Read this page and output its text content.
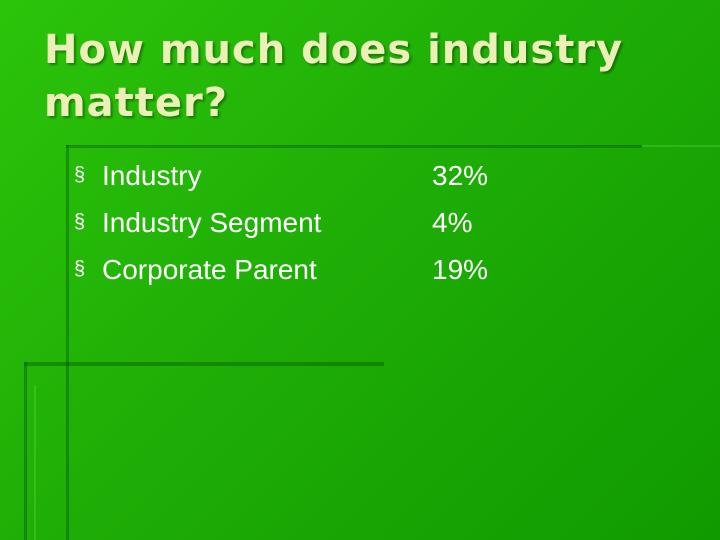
How much does industry matter?
§ Industry	32%
§ Industry Segment	4%
§ Corporate Parent	19%
